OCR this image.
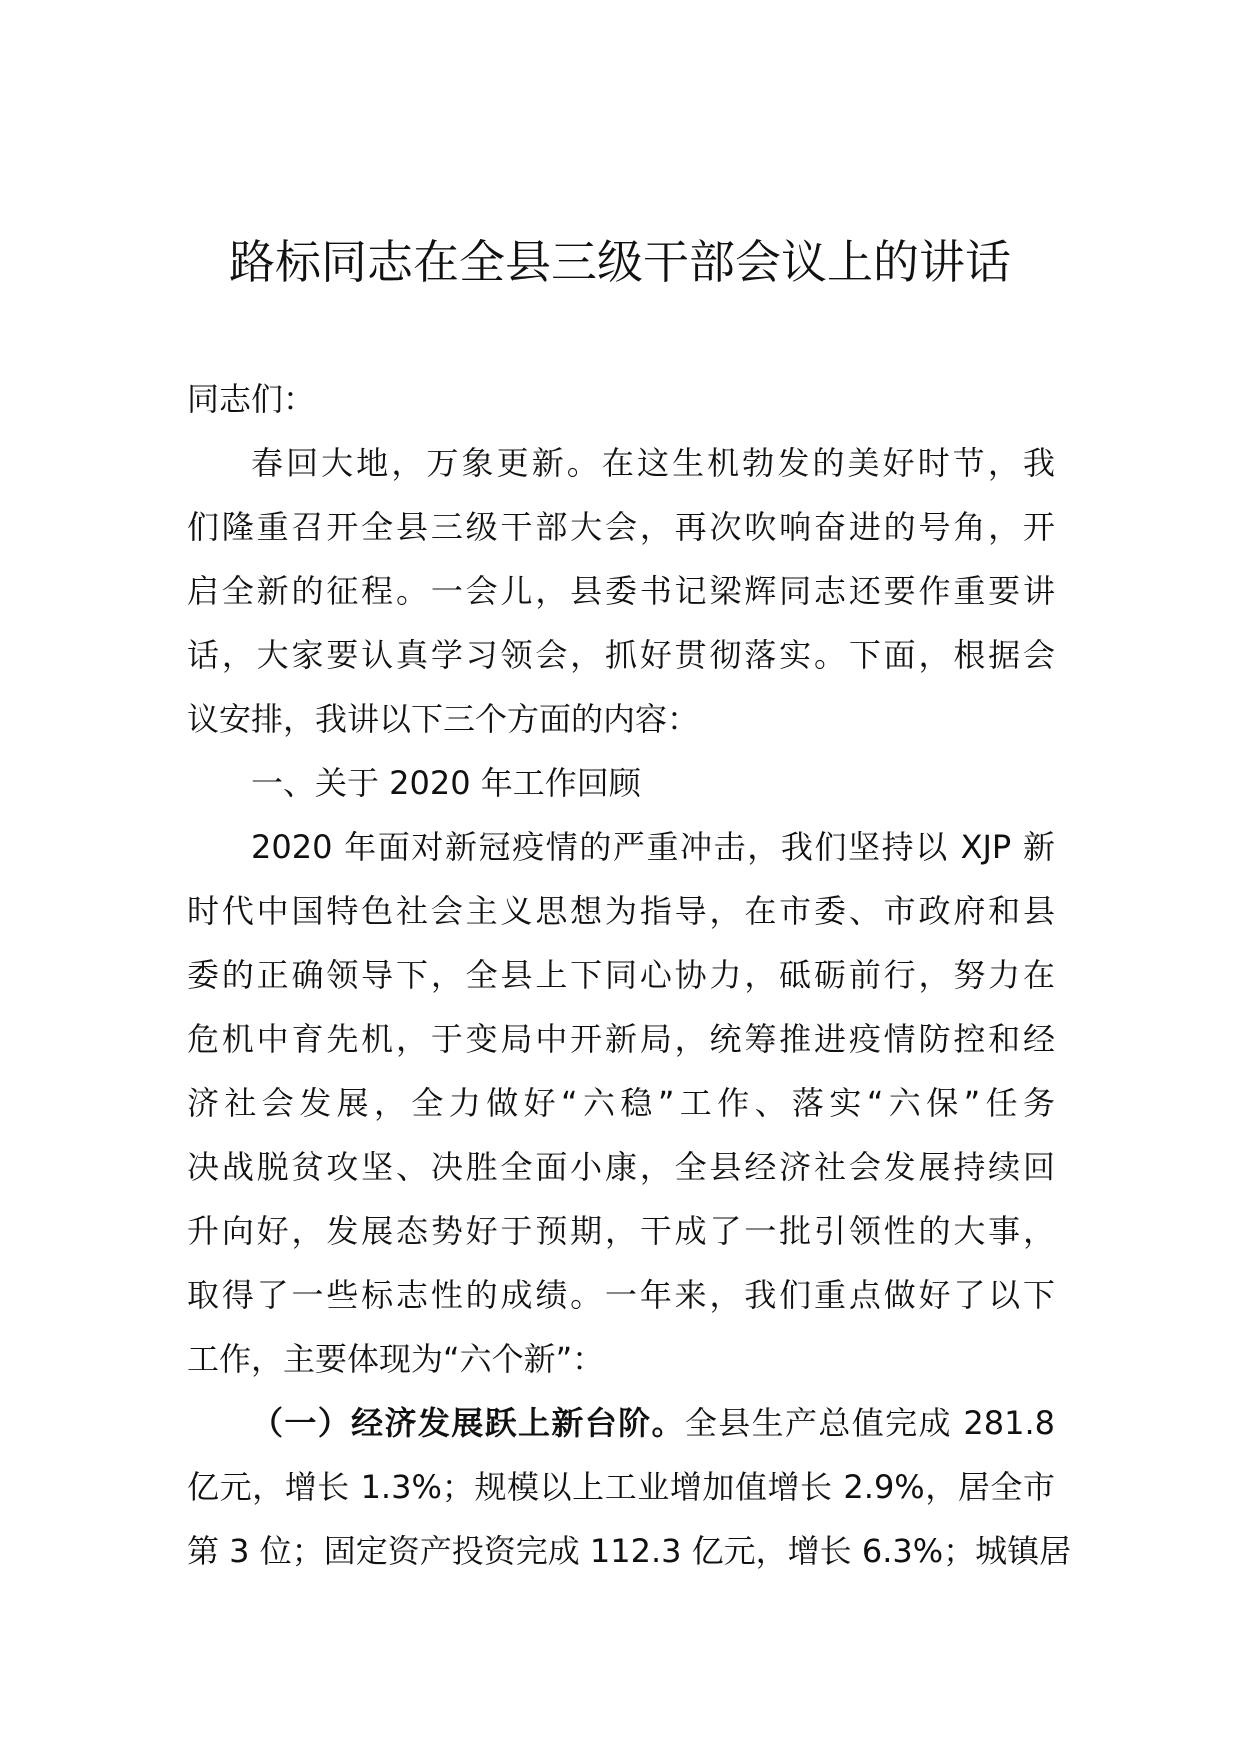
路标同志在全县三级干部会议上的讲话
同志们：
春回大地，万象更新。在这生机勃发的美好时节，我
们隆重召开全县三级干部大会，再次吹响奋进的号角，开
启全新的征程。一会儿，县委书记梁辉同志还要作重要讲
话，大家要认真学习领会，抓好贯彻落实。下面，根据会
议安排，我讲以下三个方面的内容：
一、关于 2020 年工作回顾
2020 年面对新冠疫情的严重冲击，我们坚持以 XJP 新
时代中国特色社会主义思想为指导，在市委、市政府和县
委的正确领导下，全县上下同心协力，砥砺前行，努力在
危机中育先机，于变局中开新局，统筹推进疫情防控和经
济社会发展，全力做好“六稳”工作、落实“六保”任务
决战脱贫攻坚、决胜全面小康，全县经济社会发展持续回
升向好，发展态势好于预期，干成了一批引领性的大事，
取得了一些标志性的成绩。一年来，我们重点做好了以下
工作，主要体现为“六个新”：
（一）经济发展跃上新台阶。全县生产总值完成 281.8
亿元，增长 1.3%；规模以上工业增加值增长 2.9%，居全市
第 3 位；固定资产投资完成 112.3 亿元，增长 6.3%；城镇居
